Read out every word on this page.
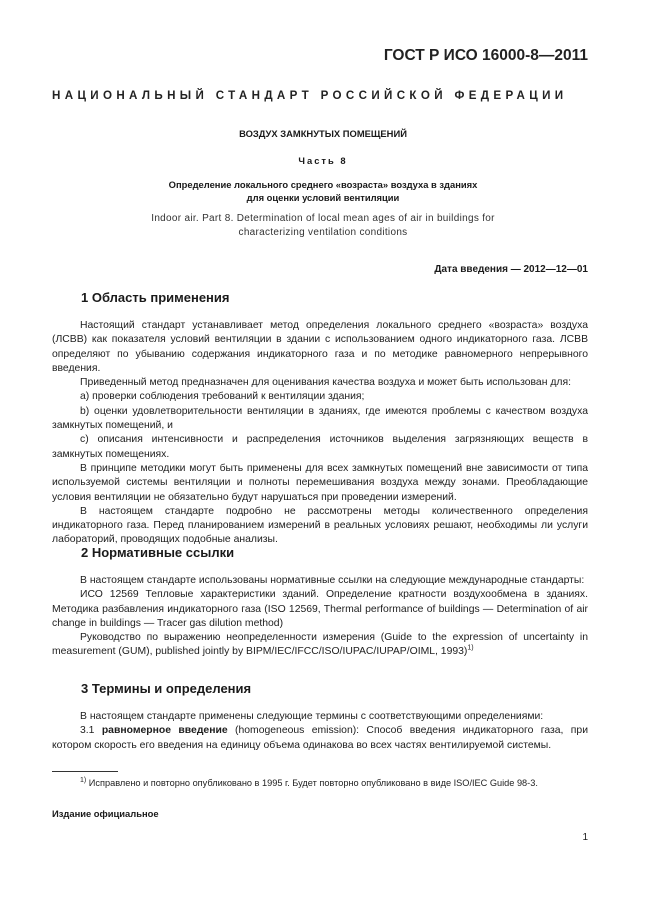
ГОСТ Р ИСО 16000-8—2011
НАЦИОНАЛЬНЫЙ СТАНДАРТ РОССИЙСКОЙ ФЕДЕРАЦИИ
ВОЗДУХ ЗАМКНУТЫХ ПОМЕЩЕНИЙ
Часть 8
Определение локального среднего «возраста» воздуха в зданиях
для оценки условий вентиляции
Indoor air. Part 8. Determination of local mean ages of air in buildings for
characterizing ventilation conditions
Дата введения — 2012—12—01
1 Область применения

Настоящий стандарт устанавливает метод определения локального среднего «возраста» воздуха (ЛСВВ) как показателя условий вентиляции в здании с использованием одного индикаторного газа. ЛСВВ определяют по убыванию содержания индикаторного газа и по методике равномерного непрерывного введения.

Приведенный метод предназначен для оценивания качества воздуха и может быть использован для:

а) проверки соблюдения требований к вентиляции здания;

b) оценки удовлетворительности вентиляции в зданиях, где имеются проблемы с качеством воздуха замкнутых помещений, и

с) описания интенсивности и распределения источников выделения загрязняющих веществ в замкнутых помещениях.

В принципе методики могут быть применены для всех замкнутых помещений вне зависимости от типа используемой системы вентиляции и полноты перемешивания воздуха между зонами. Преобладающие условия вентиляции не обязательно будут нарушаться при проведении измерений.

В настоящем стандарте подробно не рассмотрены методы количественного определения индикаторного газа. Перед планированием измерений в реальных условиях решают, необходимы ли услуги лабораторий, проводящих подобные анализы.

2 Нормативные ссылки

В настоящем стандарте использованы нормативные ссылки на следующие международные стандарты:

ИСО 12569 Тепловые характеристики зданий. Определение кратности воздухообмена в зданиях. Методика разбавления индикаторного газа (ISO 12569, Thermal performance of buildings — Determination of air change in buildings — Tracer gas dilution method)

Руководство по выражению неопределенности измерения (Guide to the expression of uncertainty in measurement (GUM), published jointly by BIPM/IEC/IFCC/ISO/IUPAC/IUPAP/OIML, 1993)$^{1)}$

3 Термины и определения

В настоящем стандарте применены следующие термины с соответствующими определениями:

3.1 равномерное введение (homogeneous emission): Способ введения индикаторного газа, при котором скорость его введения на единицу объема одинакова во всех частях вентилируемой системы.

$^{1)}$ Исправлено и повторно опубликовано в 1995 г. Будет повторно опубликовано в виде ISO/IEC Guide 98-3.
Издание официальное
1
